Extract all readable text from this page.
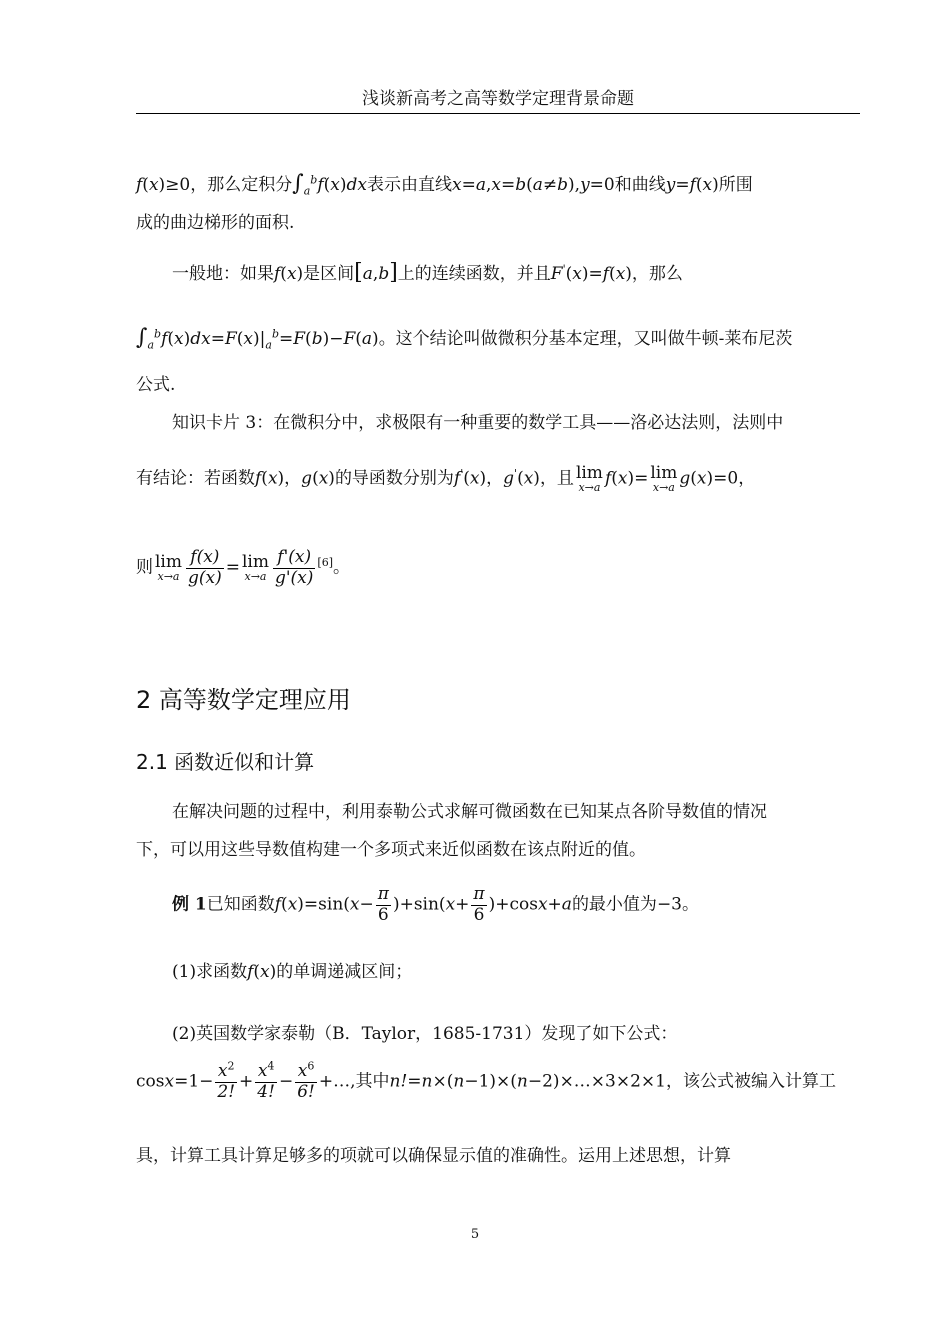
浅谈新高考之高等数学定理背景命题
f(x)≥0，那么定积分$\int_a^bf(x)dx$表示由直线x=a,x=b(a≠b),y=0和曲线y=f(x)所围
成的曲边梯形的面积.
一般地：如果f(x)是区间[a,b]上的连续函数，并且F'(x)=f(x)，那么
$\int_a^bf(x)dx=F(x)|_a^b=F(b)-F(a)$。这个结论叫做微积分基本定理，又叫做牛顿-莱布尼茨
公式.
知识卡片 3：在微积分中，求极限有一种重要的数学工具——洛必达法则，法则中
有结论：若函数f(x)，g(x)的导函数分别为f'(x)，g'(x)，且 lim
x→a f(x)= lim
x→a g(x)=0，
则 lim
$x\to a \frac{f(x)}{g(x)} = \lim$
$x\to a \frac{f'(x)}{g'(x)} [6]$。
2 高等数学定理应用
2.1 函数近似和计算
在解决问题的过程中，利用泰勒公式求解可微函数在已知某点各阶导数值的情况
下，可以用这些导数值构建一个多项式来近似函数在该点附近的值。
例 1已知函数$f(x)=\sin(x- \frac{\pi}{6} )+\sin(x+ \frac{\pi}{6} )+\cos x+a$的最小值为−3。
(1)求函数f(x)的单调递减区间；
(2)英国数学家泰勒（B．Taylor，1685-1731）发现了如下公式：
$\cos x=1- \frac{x^2}{2!} + \frac{x^4}{4!} - \frac{x^6}{6!}$ +…,其中n!=n×(n−1)×(n−2)×…×3×2×1，该公式被编入计算工
具，计算工具计算足够多的项就可以确保显示值的准确性。运用上述思想，计算
5
